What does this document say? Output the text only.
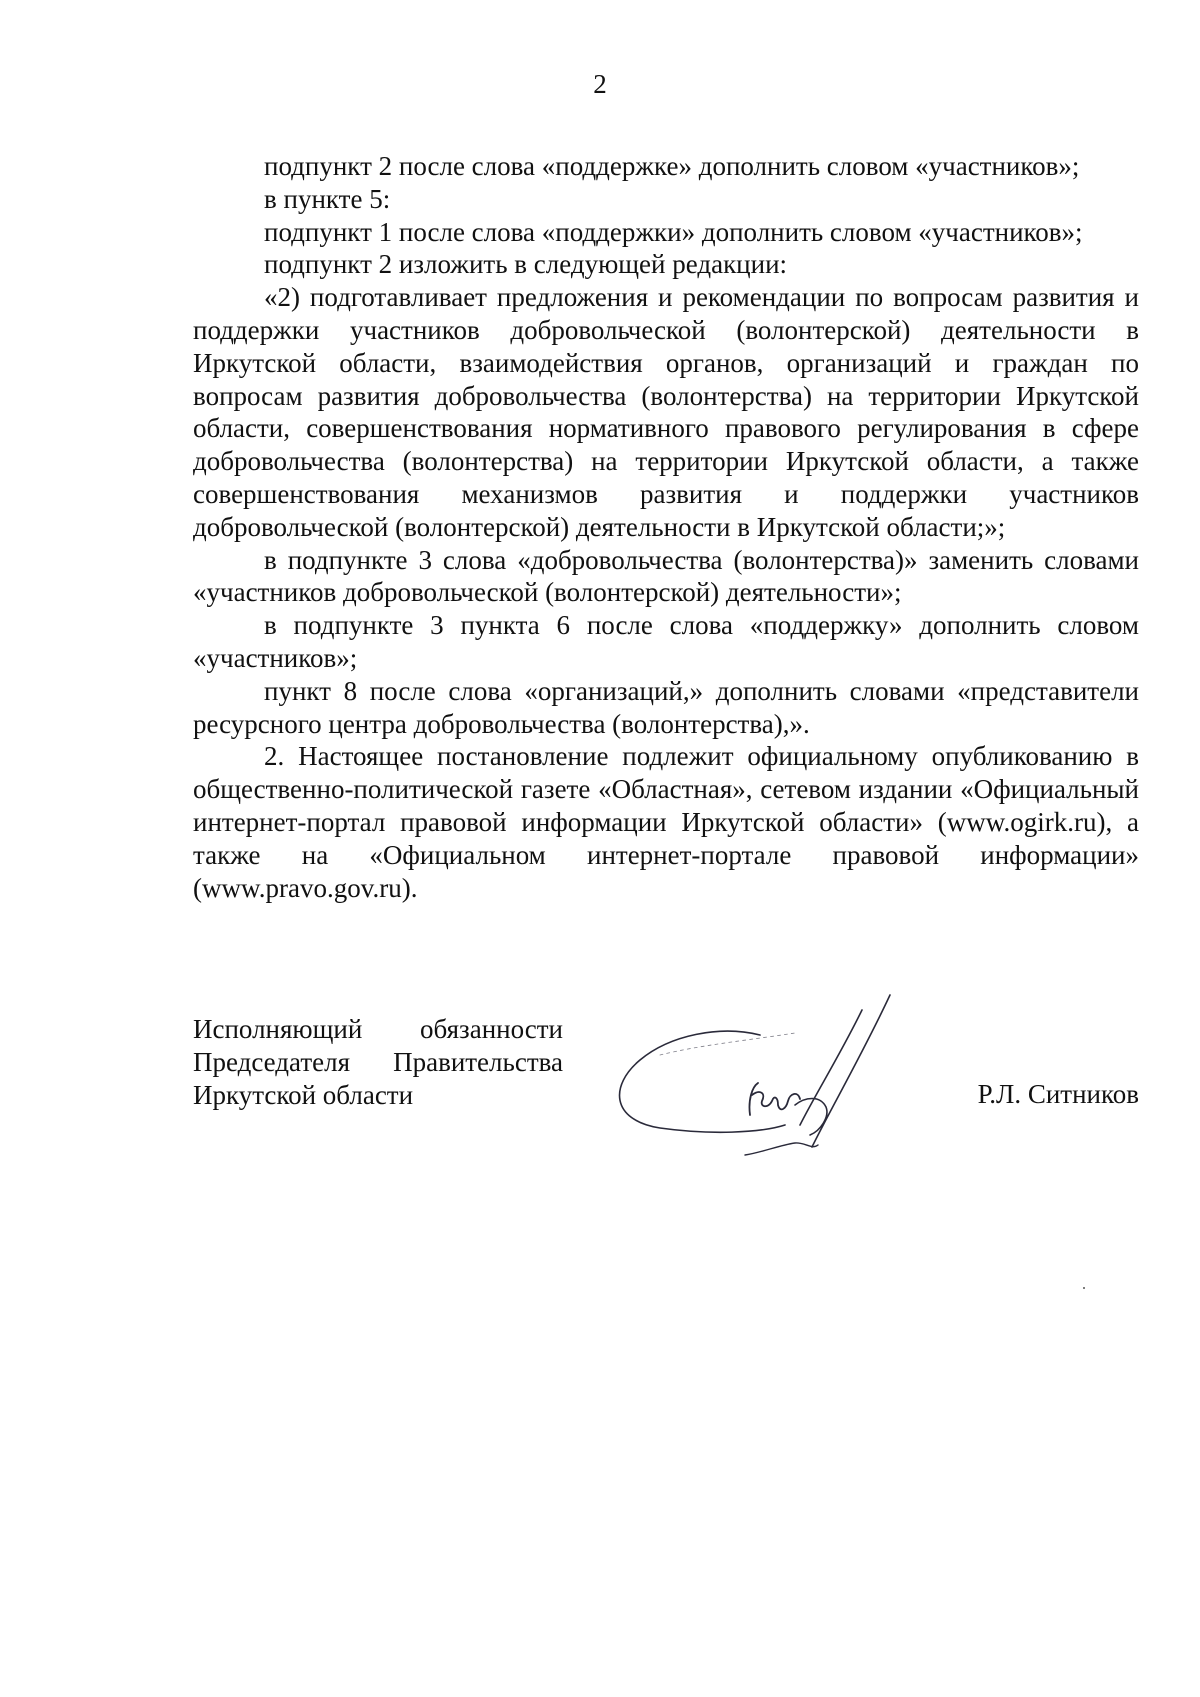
2

подпункт 2 после слова «поддержке» дополнить словом «участников»;

в пункте 5:

подпункт 1 после слова «поддержки» дополнить словом «участников»;

подпункт 2 изложить в следующей редакции:

«2) подготавливает предложения и рекомендации по вопросам развития и поддержки участников добровольческой (волонтерской) деятельности в Иркутской области, взаимодействия органов, организаций и граждан по вопросам развития добровольчества (волонтерства) на территории Иркутской области, совершенствования нормативного правового регулирования в сфере добровольчества (волонтерства) на территории Иркутской области, а также совершенствования механизмов развития и поддержки участников добровольческой (волонтерской) деятельности в Иркутской области;»;

в подпункте 3 слова «добровольчества (волонтерства)» заменить словами «участников добровольческой (волонтерской) деятельности»;

в подпункте 3 пункта 6 после слова «поддержку» дополнить словом «участников»;

пункт 8 после слова «организаций,» дополнить словами «представители ресурсного центра добровольчества (волонтерства),».

2. Настоящее постановление подлежит официальному опубликованию в общественно-политической газете «Областная», сетевом издании «Официальный интернет-портал правовой информации Иркутской области» (www.ogirk.ru), а также на «Официальном интернет-портале правовой информации» (www.pravo.gov.ru).

Исполняющий обязанности
Председателя Правительства
Иркутской области	Р.Л. Ситников
